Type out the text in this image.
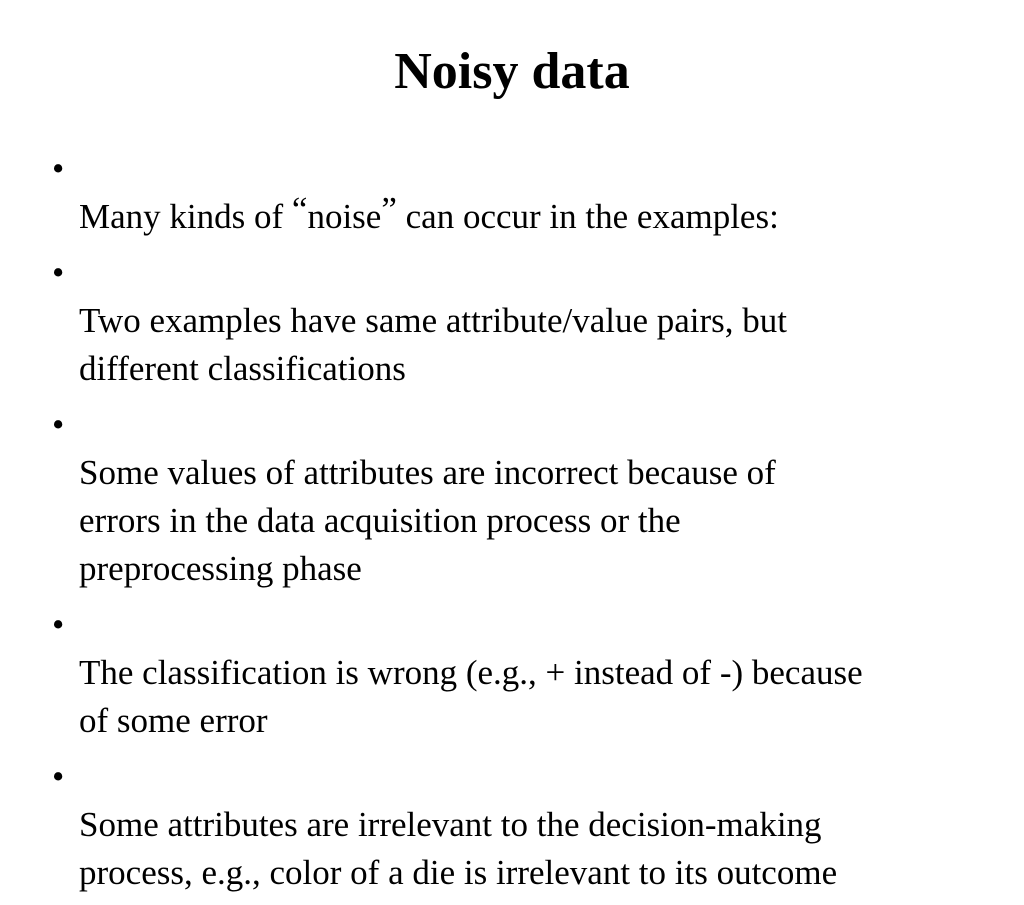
Noisy data

•
Many kinds of “noise” can occur in the examples:

•
Two examples have same attribute/value pairs, but
different classifications

•
Some values of attributes are incorrect because of
errors in the data acquisition process or the
preprocessing phase

•
The classification is wrong (e.g., + instead of -) because
of some error

•
Some attributes are irrelevant to the decision-making
process, e.g., color of a die is irrelevant to its outcome
